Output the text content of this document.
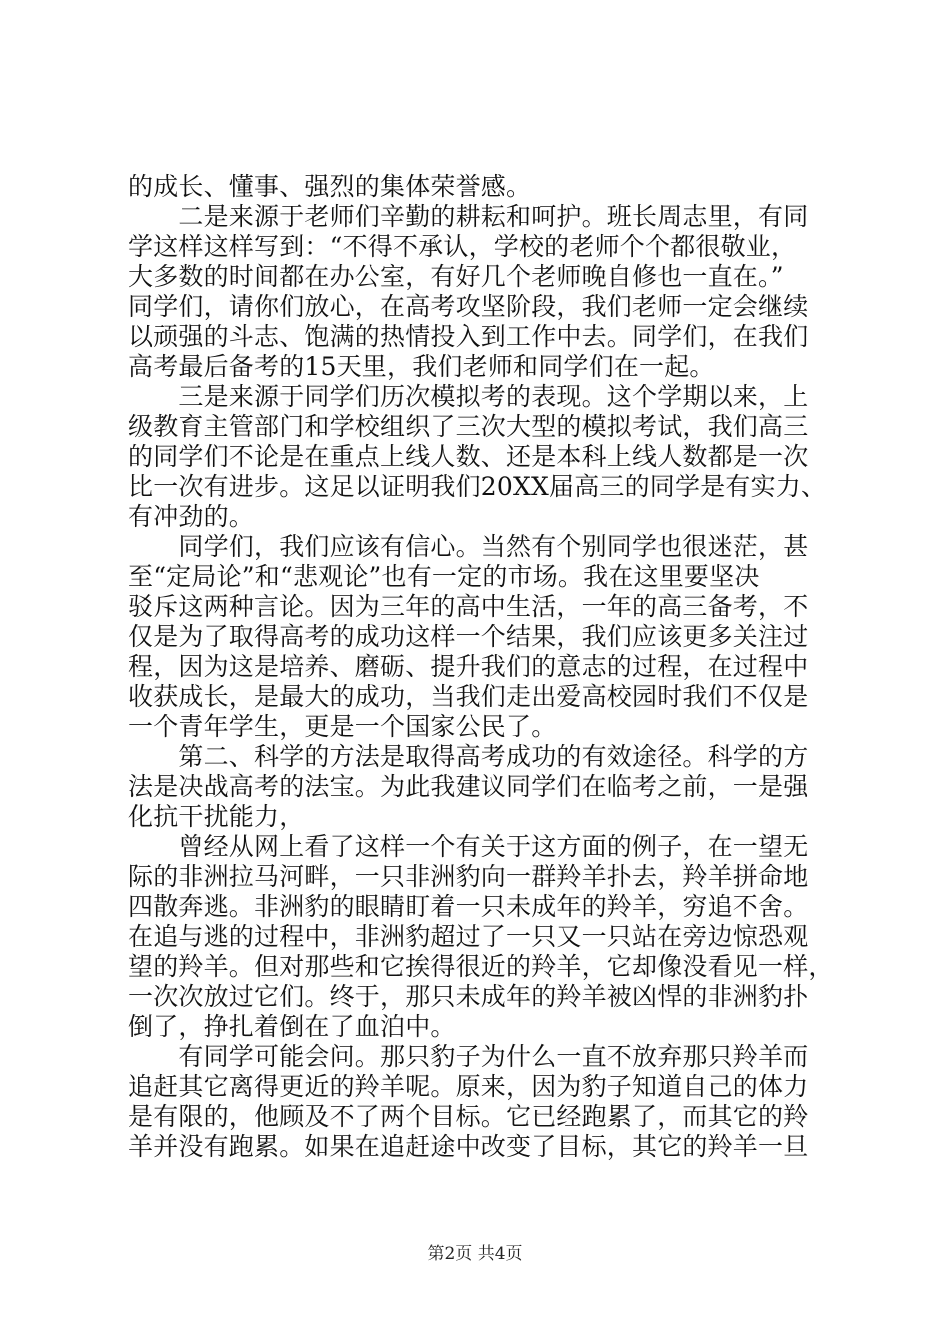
的成长、懂事、强烈的集体荣誉感。
　　二是来源于老师们辛勤的耕耘和呵护。班长周志里，有同
学这样这样写到：“不得不承认，学校的老师个个都很敬业，
大多数的时间都在办公室，有好几个老师晚自修也一直在。”
同学们，请你们放心，在高考攻坚阶段，我们老师一定会继续
以顽强的斗志、饱满的热情投入到工作中去。同学们，在我们
高考最后备考的15天里，我们老师和同学们在一起。
　　三是来源于同学们历次模拟考的表现。这个学期以来，上
级教育主管部门和学校组织了三次大型的模拟考试，我们高三
的同学们不论是在重点上线人数、还是本科上线人数都是一次
比一次有进步。这足以证明我们20XX届高三的同学是有实力、
有冲劲的。
　　同学们，我们应该有信心。当然有个别同学也很迷茫，甚
至“定局论”和“悲观论”也有一定的市场。我在这里要坚决
驳斥这两种言论。因为三年的高中生活，一年的高三备考，不
仅是为了取得高考的成功这样一个结果，我们应该更多关注过
程，因为这是培养、磨砺、提升我们的意志的过程，在过程中
收获成长，是最大的成功，当我们走出爱高校园时我们不仅是
一个青年学生，更是一个国家公民了。
　　第二、科学的方法是取得高考成功的有效途径。科学的方
法是决战高考的法宝。为此我建议同学们在临考之前，一是强
化抗干扰能力，
　　曾经从网上看了这样一个有关于这方面的例子，在一望无
际的非洲拉马河畔，一只非洲豹向一群羚羊扑去，羚羊拼命地
四散奔逃。非洲豹的眼睛盯着一只未成年的羚羊，穷追不舍。
在追与逃的过程中，非洲豹超过了一只又一只站在旁边惊恐观
望的羚羊。但对那些和它挨得很近的羚羊，它却像没看见一样，
一次次放过它们。终于，那只未成年的羚羊被凶悍的非洲豹扑
倒了，挣扎着倒在了血泊中。
　　有同学可能会问。那只豹子为什么一直不放弃那只羚羊而
追赶其它离得更近的羚羊呢。原来，因为豹子知道自己的体力
是有限的，他顾及不了两个目标。它已经跑累了，而其它的羚
羊并没有跑累。如果在追赶途中改变了目标，其它的羚羊一旦
第2页 共4页
